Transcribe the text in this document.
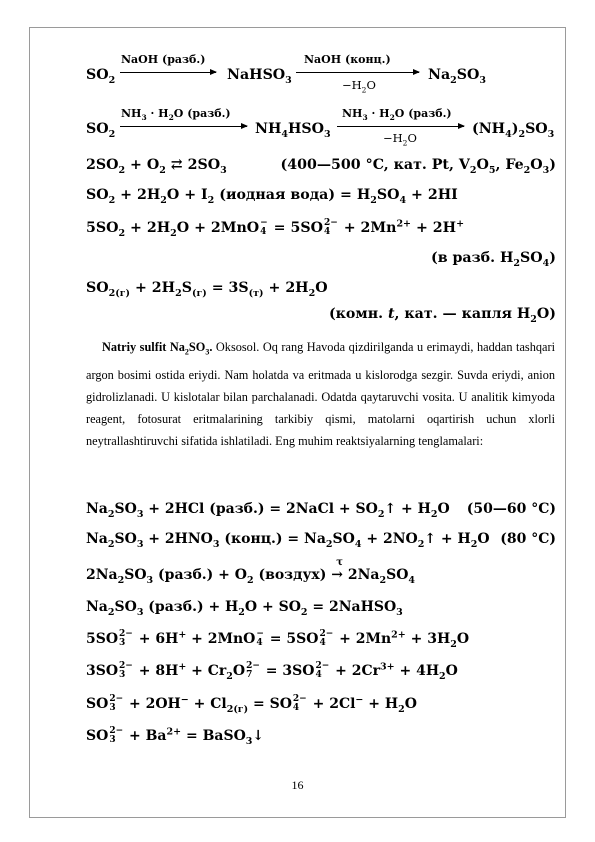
$SO_2$
NaOH (разб.)
NaHSO$_3$
NaOH (конц.)
$-H_2O$
$Na_2SO_3$
$SO_2$
$NH_3 \cdot H_2O$ (разб.)
$NH_4HSO_3$
$NH_3 \cdot H_2O$ (разб.)
$-H_2O$
$(NH_4)_2SO_3$
$2SO_2 + O_2$ ⇄ $2SO_3$	(400—500 °C, кат. Pt, $V_2O_5$, $Fe_2O_3$)
$SO_2 + 2H_2O + I_2$ (иодная вода) = $H_2SO_4 + 2HI$
$5SO_2 + 2H_2O + 2MnO$ −
4 = 5SO 2−
$4 + 2Mn^{2+} + 2H^+$
(в разб. $H_2SO_4$)
$SO_{2(г)} + 2H_2S_{(г)} = 3S_{(т)} + 2H_2O$
(комн. t, кат. — капля $H_2O$)

Natriy sulfit $Na_2SO_3$. Oksosol. Oq rang Havoda qizdirilganda u erimaydi, haddan tashqari argon bosimi ostida eriydi. Nam holatda va eritmada u kislorodga sezgir. Suvda eriydi, anion gidrolizlanadi. U kislotalar bilan parchalanadi. Odatda qaytaruvchi vosita. U analitik kimyoda reagent, fotosurat eritmalarining tarkibiy qismi, matolarni oqartirish uchun xlorli neytrallashtiruvchi sifatida ishlatiladi. Eng muhim reaktsiyalarning tenglamalari:

$Na_2SO_3 + 2HCl$ (разб.) = 2NaCl + $SO_2↑ + H_2O$ (50—60 °C)
$Na_2SO_3 + 2HNO_3$ (конц.) = $Na_2SO_4$ + $2NO_2↑ + H_2O$ (80 °C)
$2Na_2SO_3$ (разб.) + $O_2$ (воздух)
τ
→ $2Na_2SO_4$
$Na_2SO_3$ (разб.) + $H_2O + SO_2$ = 2NaHSO$_3$
5SO 2−
3 + 6H+ + 2MnO −
4 = 5SO 2−
$4 + 2Mn^{2+} + 3H_2O$
3SO 2−
$3 + 8H^+ + Cr_2O$ 2−
7 = 3SO 2−
$4 + 2Cr^{3+} + 4H_2O$
SO 2−
$3 + 2OH^- + Cl_{2(г)}$ = SO 2−
$4 + 2Cl^- + H_2O$
SO 2−
$3 + Ba^{2+}$ = BaSO$_3$↓
16
